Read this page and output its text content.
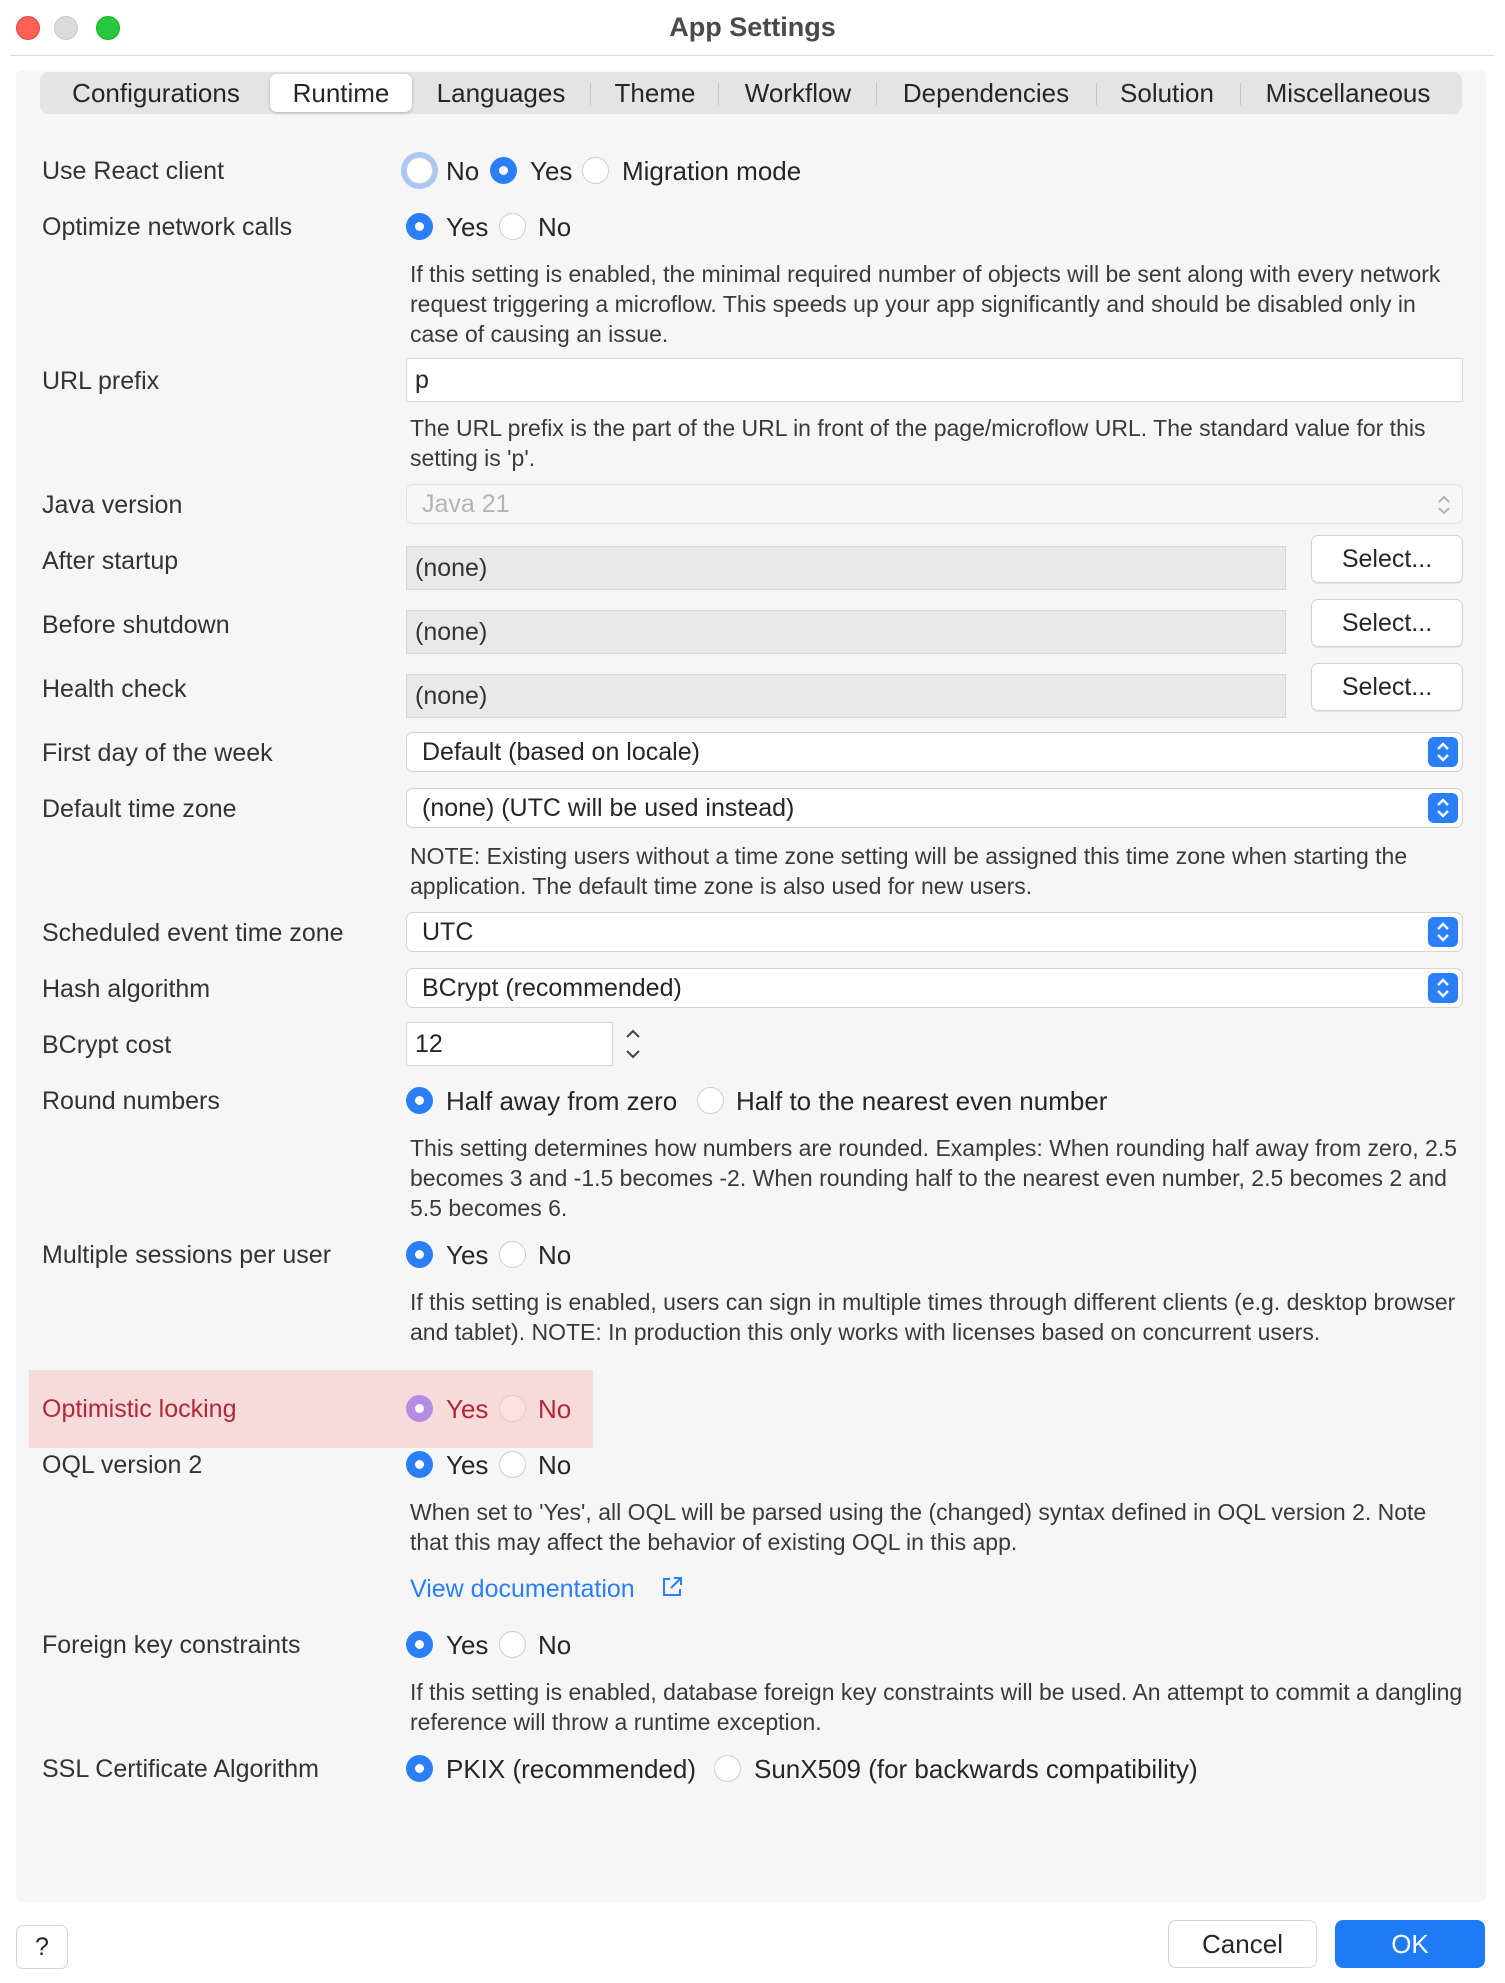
App Settings
Configurations	Runtime	Languages	Theme	Workflow	Dependencies	Solution	Miscellaneous
Use React client	No Yes Migration mode
Optimize network calls	Yes No
If this setting is enabled, the minimal required number of objects will be sent along with every network request triggering a microflow. This speeds up your app significantly and should be disabled only in case of causing an issue.
URL prefix	p
The URL prefix is the part of the URL in front of the page/microflow URL. The standard value for this setting is 'p'.
Java version	Java 21
After startup	(none)	Select...
Before shutdown	(none)	Select...
Health check	(none)	Select...
First day of the week	Default (based on locale)
Default time zone	(none) (UTC will be used instead)
NOTE: Existing users without a time zone setting will be assigned this time zone when starting the application. The default time zone is also used for new users.
Scheduled event time zone	UTC
Hash algorithm	BCrypt (recommended)
BCrypt cost	12
Round numbers	Half away from zero Half to the nearest even number
This setting determines how numbers are rounded. Examples: When rounding half away from zero, 2.5 becomes 3 and -1.5 becomes -2. When rounding half to the nearest even number, 2.5 becomes 2 and 5.5 becomes 6.
Multiple sessions per user	Yes No
If this setting is enabled, users can sign in multiple times through different clients (e.g. desktop browser and tablet). NOTE: In production this only works with licenses based on concurrent users.
Optimistic locking	Yes No
OQL version 2	Yes No
When set to 'Yes', all OQL will be parsed using the (changed) syntax defined in OQL version 2. Note that this may affect the behavior of existing OQL in this app.
View documentation
Foreign key constraints	Yes No
If this setting is enabled, database foreign key constraints will be used. An attempt to commit a dangling reference will throw a runtime exception.
SSL Certificate Algorithm	PKIX (recommended) SunX509 (for backwards compatibility)
?	Cancel	OK
